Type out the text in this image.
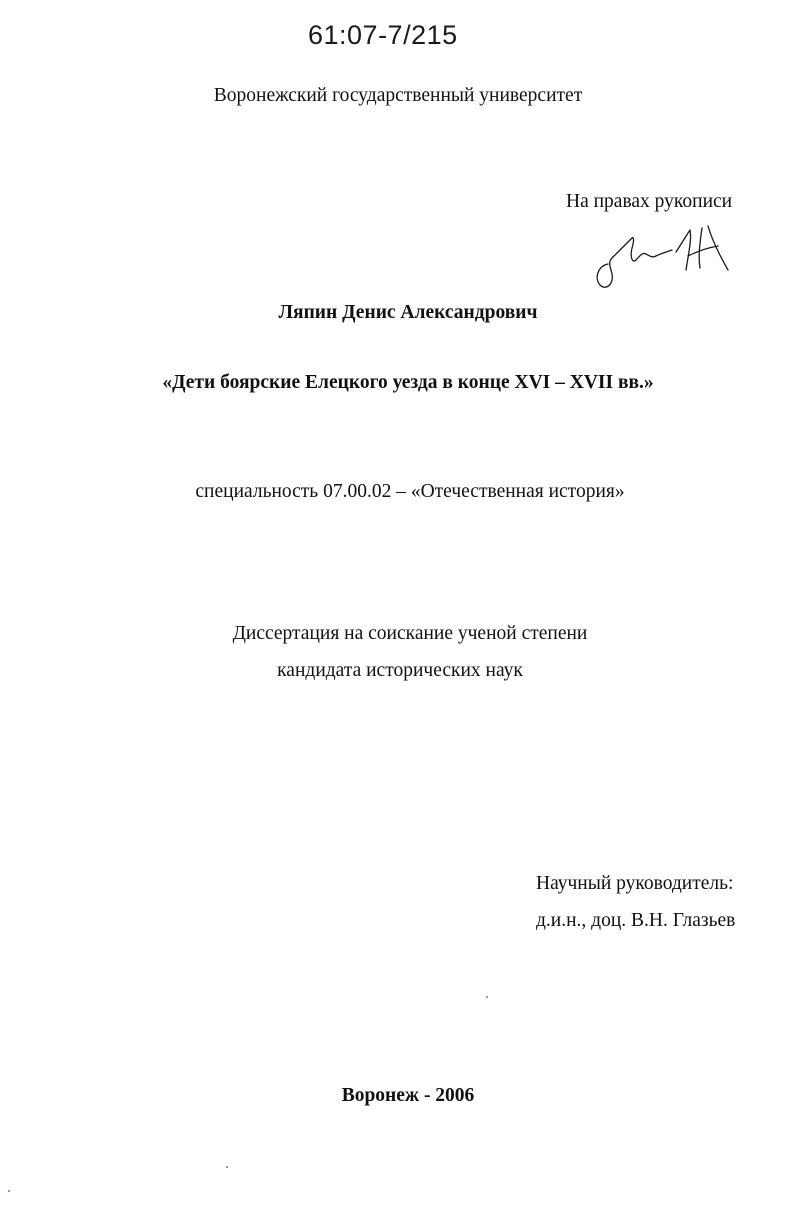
61:07-7/215
Воронежский государственный университет
На правах рукописи
Ляпин Денис Александрович
«Дети боярские Елецкого уезда в конце XVI – XVII вв.»
специальность 07.00.02 – «Отечественная история»
Диссертация на соискание ученой степени
кандидата исторических наук
Научный руководитель:
д.и.н., доц. В.Н. Глазьев
Воронеж - 2006
